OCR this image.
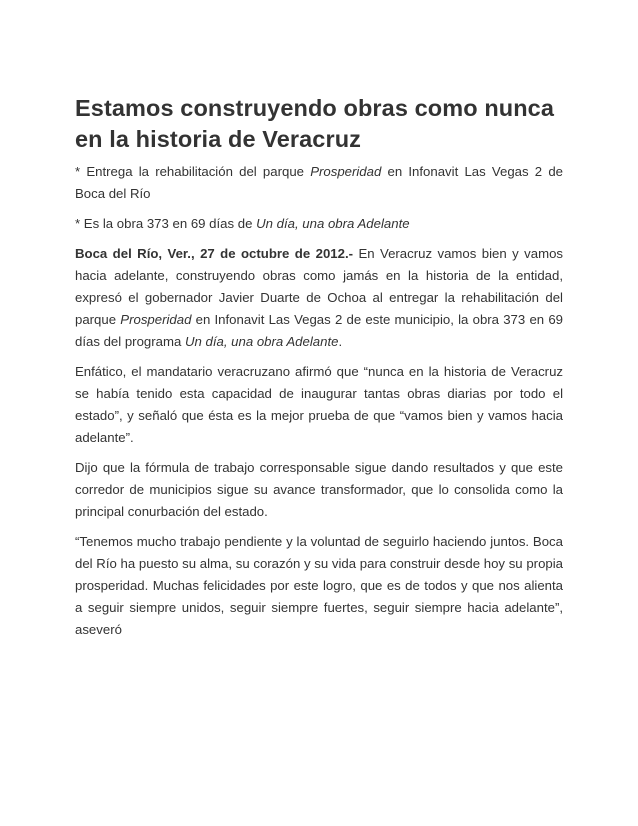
Estamos construyendo obras como nunca en la historia de Veracruz

* Entrega la rehabilitación del parque Prosperidad en Infonavit Las Vegas 2 de Boca del Río

* Es la obra 373 en 69 días de Un día, una obra Adelante

Boca del Río, Ver., 27 de octubre de 2012.- En Veracruz vamos bien y vamos hacia adelante, construyendo obras como jamás en la historia de la entidad, expresó el gobernador Javier Duarte de Ochoa al entregar la rehabilitación del parque Prosperidad en Infonavit Las Vegas 2 de este municipio, la obra 373 en 69 días del programa Un día, una obra Adelante.

Enfático, el mandatario veracruzano afirmó que “nunca en la historia de Veracruz se había tenido esta capacidad de inaugurar tantas obras diarias por todo el estado”, y señaló que ésta es la mejor prueba de que “vamos bien y vamos hacia adelante”.

Dijo que la fórmula de trabajo corresponsable sigue dando resultados y que este corredor de municipios sigue su avance transformador, que lo consolida como la principal conurbación del estado.

“Tenemos mucho trabajo pendiente y la voluntad de seguirlo haciendo juntos. Boca del Río ha puesto su alma, su corazón y su vida para construir desde hoy su propia prosperidad. Muchas felicidades por este logro, que es de todos y que nos alienta a seguir siempre unidos, seguir siempre fuertes, seguir siempre hacia adelante”, aseveró
